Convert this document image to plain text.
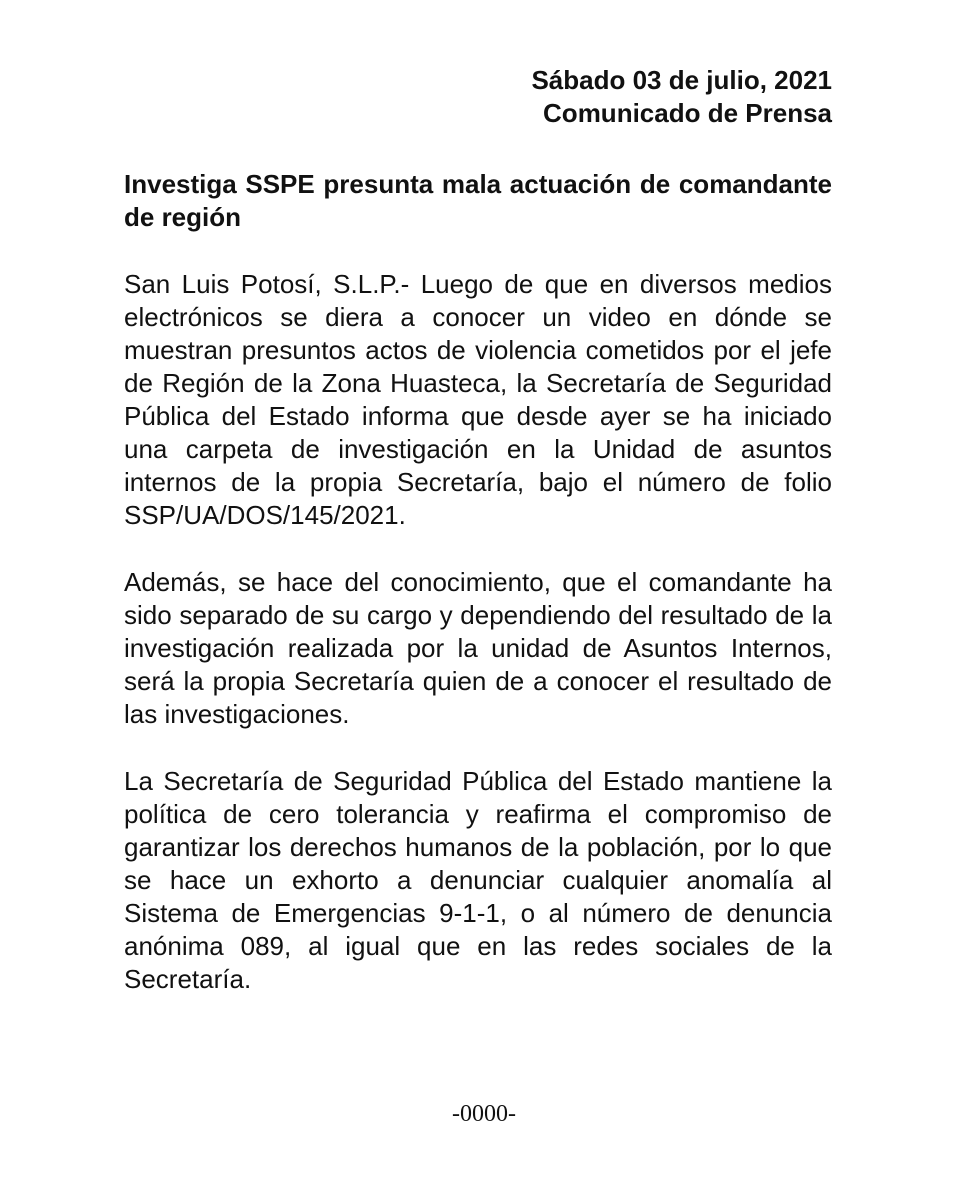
Sábado 03 de julio, 2021
Comunicado de Prensa
Investiga SSPE presunta mala actuación de comandante de región
San Luis Potosí, S.L.P.- Luego de que en diversos medios electrónicos se diera a conocer un video en dónde se muestran presuntos actos de violencia cometidos por el jefe de Región de la Zona Huasteca, la Secretaría de Seguridad Pública del Estado informa que desde ayer se ha iniciado una carpeta de investigación en la Unidad de asuntos internos de la propia Secretaría, bajo el número de folio SSP/UA/DOS/145/2021.
Además, se hace del conocimiento, que el comandante ha sido separado de su cargo y dependiendo del resultado de la investigación realizada por la unidad de Asuntos Internos, será la propia Secretaría quien de a conocer el resultado de las investigaciones.
La Secretaría de Seguridad Pública del Estado mantiene la política de cero tolerancia y reafirma el compromiso de garantizar los derechos humanos de la población, por lo que se hace un exhorto a denunciar cualquier anomalía al Sistema de Emergencias 9-1-1, o al número de denuncia anónima 089, al igual que en las redes sociales de la Secretaría.
-0000-
